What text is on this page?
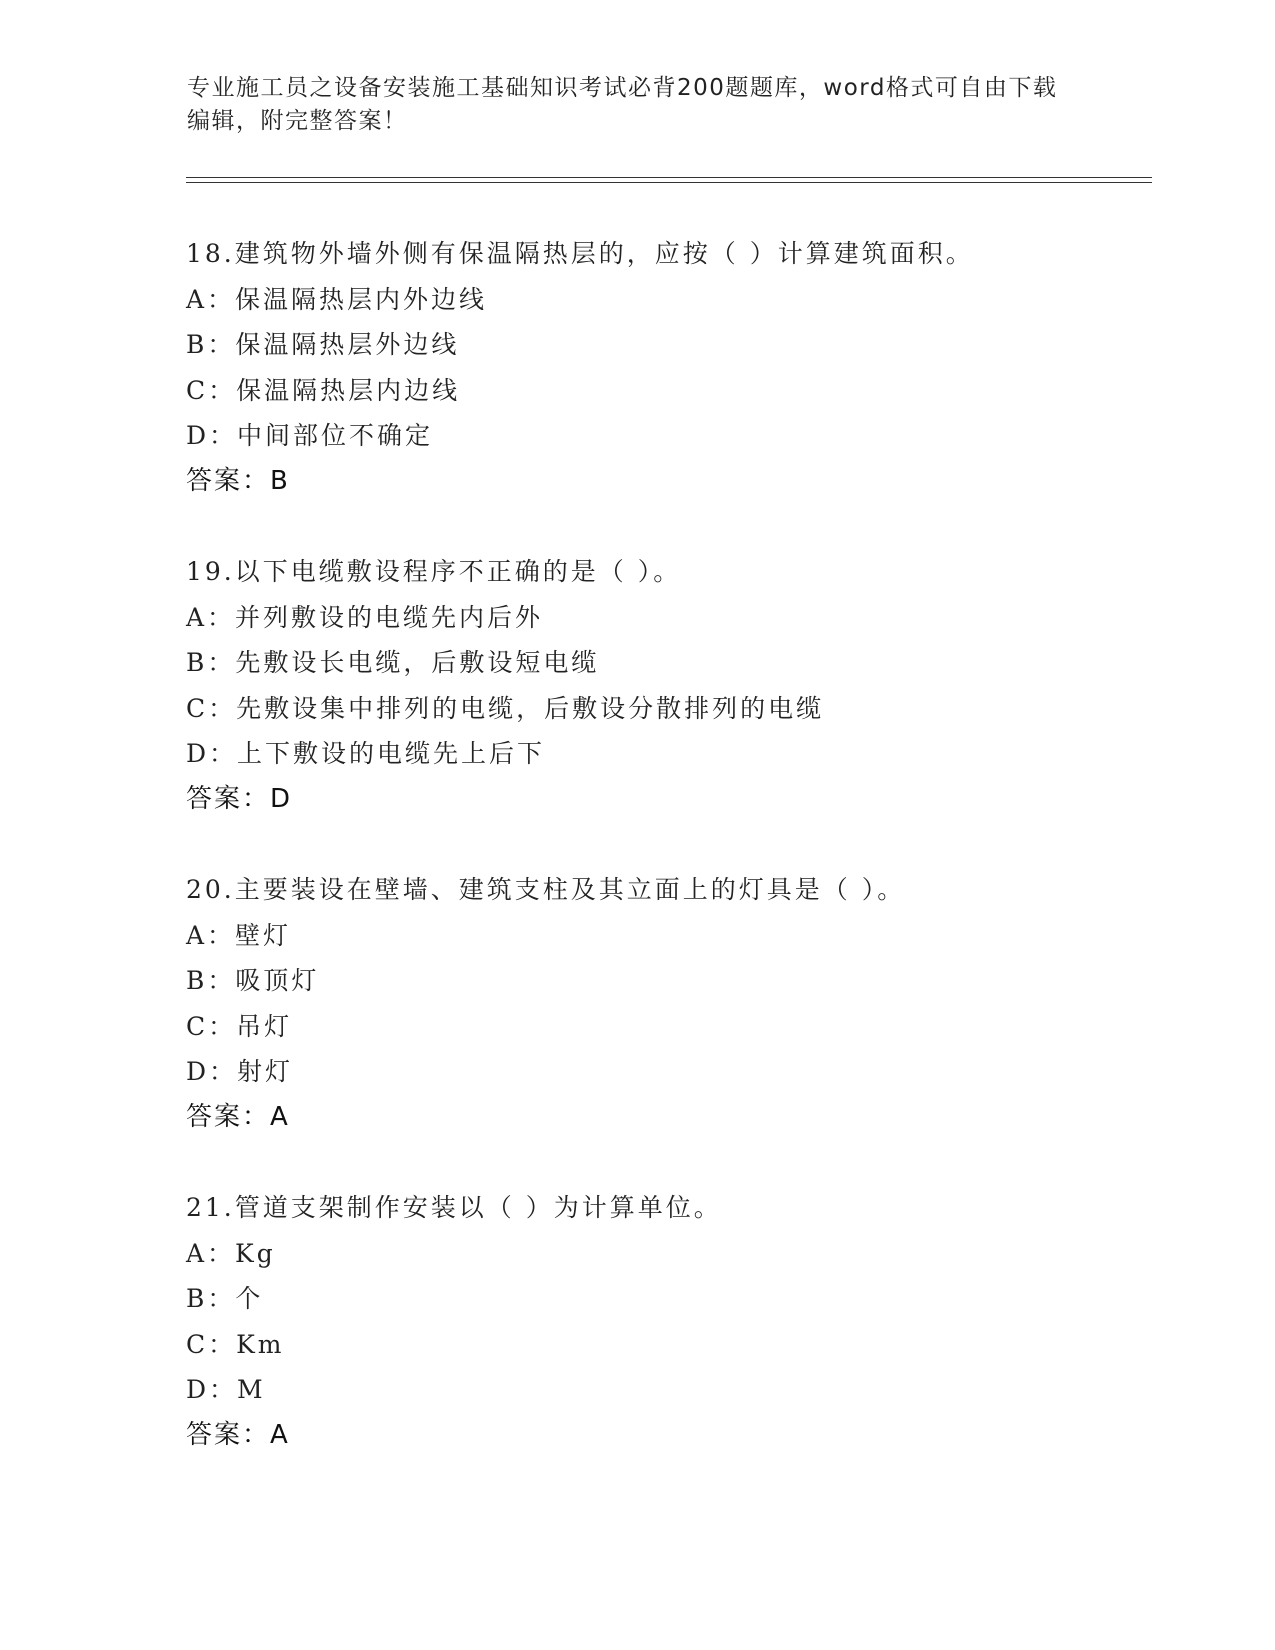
专业施工员之设备安装施工基础知识考试必背200题题库，word格式可自由下载
编辑，附完整答案！
18.建筑物外墙外侧有保温隔热层的，应按（ ）计算建筑面积。
A：保温隔热层内外边线
B：保温隔热层外边线
C：保温隔热层内边线
D：中间部位不确定
答案：B
19.以下电缆敷设程序不正确的是（ ）。
A：并列敷设的电缆先内后外
B：先敷设长电缆，后敷设短电缆
C：先敷设集中排列的电缆，后敷设分散排列的电缆
D：上下敷设的电缆先上后下
答案：D
20.主要装设在壁墙、建筑支柱及其立面上的灯具是（ ）。
A：壁灯
B：吸顶灯
C：吊灯
D：射灯
答案：A
21.管道支架制作安装以（ ）为计算单位。
A：Kg
B：个
C：Km
D：M
答案：A
